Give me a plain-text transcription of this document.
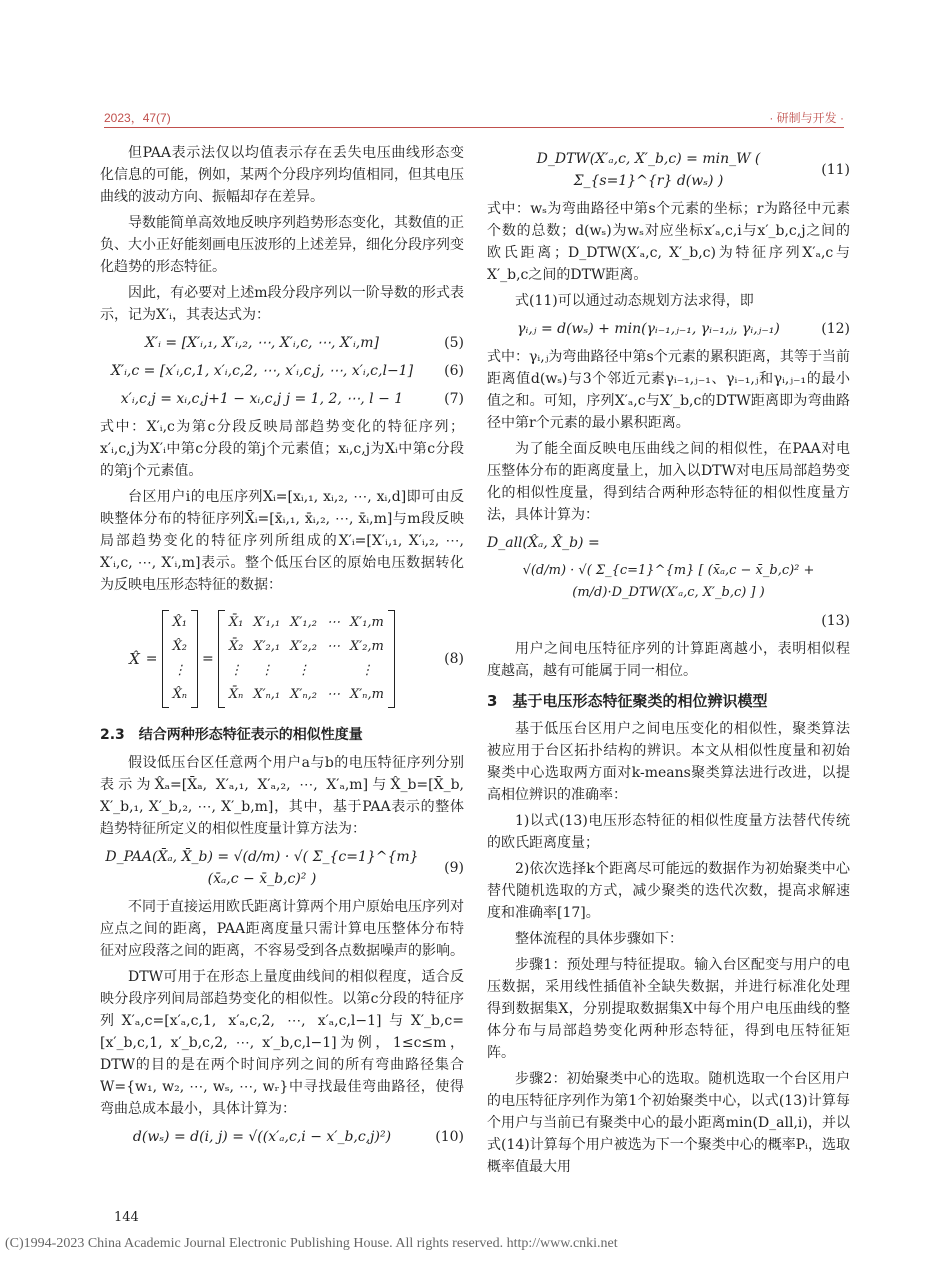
2023，47(7)	· 研制与开发 ·

但PAA表示法仅以均值表示存在丢失电压曲线形态变化信息的可能，例如，某两个分段序列均值相同，但其电压曲线的波动方向、振幅却存在差异。

导数能简单高效地反映序列趋势形态变化，其数值的正负、大小正好能刻画电压波形的上述差异，细化分段序列变化趋势的形态特征。

因此，有必要对上述m段分段序列以一阶导数的形式表示，记为X′ᵢ，其表达式为：

X′ᵢ = [X′ᵢ,₁, X′ᵢ,₂, ⋯, X′ᵢ,c, ⋯, X′ᵢ,m]	(5)
X′ᵢ,c = [x′ᵢ,c,1, x′ᵢ,c,2, ⋯, x′ᵢ,c,j, ⋯, x′ᵢ,c,l−1]	(6)
x′ᵢ,c,j = xᵢ,c,j+1 − xᵢ,c,j j = 1, 2, ⋯, l − 1	(7)

式中：X′ᵢ,c为第c分段反映局部趋势变化的特征序列；x′ᵢ,c,j为X′ᵢ中第c分段的第j个元素值；xᵢ,c,j为Xᵢ中第c分段的第j个元素值。

台区用户i的电压序列Xᵢ=[xᵢ,₁, xᵢ,₂, ⋯, xᵢ,d]即可由反映整体分布的特征序列X̄ᵢ=[x̄ᵢ,₁, x̄ᵢ,₂, ⋯, x̄ᵢ,m]与m段反映局部趋势变化的特征序列所组成的X′ᵢ=[X′ᵢ,₁, X′ᵢ,₂, ⋯, X′ᵢ,c, ⋯, X′ᵢ,m]表示。整个低压台区的原始电压数据转化为反映电压形态特征的数据：

X̂ =
X̂₁
X̂₂
⋮
X̂ₙ
=
X̄₁ X′₁,₁ X′₁,₂ ⋯ X′₁,m
X̄₂ X′₂,₁ X′₂,₂ ⋯ X′₂,m
⋮	⋮	⋮	⋮
X̄ₙ X′ₙ,₁ X′ₙ,₂ ⋯ X′ₙ,m
(8)
2.3　结合两种形态特征表示的相似性度量

假设低压台区任意两个用户a与b的电压特征序列分别表示为X̂ₐ=[X̄ₐ, X′ₐ,₁, X′ₐ,₂, ⋯, X′ₐ,m]与X̂_b=[X̄_b, X′_b,₁, X′_b,₂, ⋯, X′_b,m]，其中，基于PAA表示的整体趋势特征所定义的相似性度量计算方法为：

D_PAA(X̄ₐ, X̄_b) = √(d/m) · √( Σ_{c=1}^{m} (x̄ₐ,c − x̄_b,c)² )
(9)

不同于直接运用欧氏距离计算两个用户原始电压序列对应点之间的距离，PAA距离度量只需计算电压整体分布特征对应段落之间的距离，不容易受到各点数据噪声的影响。

DTW可用于在形态上量度曲线间的相似程度，适合反映分段序列间局部趋势变化的相似性。以第c分段的特征序列X′ₐ,c=[x′ₐ,c,1, x′ₐ,c,2, ⋯, x′ₐ,c,l−1]与X′_b,c=[x′_b,c,1, x′_b,c,2, ⋯, x′_b,c,l−1]为例，1≤c≤m，DTW的目的是在两个时间序列之间的所有弯曲路径集合W={w₁, w₂, ⋯, wₛ, ⋯, wᵣ}中寻找最佳弯曲路径，使得弯曲总成本最小，具体计算为：

d(wₛ) = d(i, j) = √((x′ₐ,c,i − x′_b,c,j)²)	(10)
D_DTW(X′ₐ,c, X′_b,c) = min_W ( Σ_{s=1}^{r} d(wₛ) )
(11)

式中：wₛ为弯曲路径中第s个元素的坐标；r为路径中元素个数的总数；d(wₛ)为wₛ对应坐标x′ₐ,c,i与x′_b,c,j之间的欧氏距离；D_DTW(X′ₐ,c, X′_b,c)为特征序列X′ₐ,c与X′_b,c之间的DTW距离。

式(11)可以通过动态规划方法求得，即

γᵢ,ⱼ = d(wₛ) + min(γᵢ₋₁,ⱼ₋₁, γᵢ₋₁,ⱼ, γᵢ,ⱼ₋₁)	(12)

式中：γᵢ,ⱼ为弯曲路径中第s个元素的累积距离，其等于当前距离值d(wₛ)与3个邻近元素γᵢ₋₁,ⱼ₋₁、γᵢ₋₁,ⱼ和γᵢ,ⱼ₋₁的最小值之和。可知，序列X′ₐ,c与X′_b,c的DTW距离即为弯曲路径中第r个元素的最小累积距离。

为了能全面反映电压曲线之间的相似性，在PAA对电压整体分布的距离度量上，加入以DTW对电压局部趋势变化的相似性度量，得到结合两种形态特征的相似性度量方法，具体计算为：

D_all(X̂ₐ, X̂_b) =
√(d/m) · √( Σ_{c=1}^{m} [ (x̄ₐ,c − x̄_b,c)² + (m/d)·D_DTW(X′ₐ,c, X′_b,c) ] )
(13)

用户之间电压特征序列的计算距离越小，表明相似程度越高，越有可能属于同一相位。

3　基于电压形态特征聚类的相位辨识模型

基于低压台区用户之间电压变化的相似性，聚类算法被应用于台区拓扑结构的辨识。本文从相似性度量和初始聚类中心选取两方面对k-means聚类算法进行改进，以提高相位辨识的准确率：

1)以式(13)电压形态特征的相似性度量方法替代传统的欧氏距离度量；

2)依次选择k个距离尽可能远的数据作为初始聚类中心替代随机选取的方式，减少聚类的迭代次数，提高求解速度和准确率[17]。

整体流程的具体步骤如下：

步骤1：预处理与特征提取。输入台区配变与用户的电压数据，采用线性插值补全缺失数据，并进行标准化处理得到数据集X，分别提取数据集X中每个用户电压曲线的整体分布与局部趋势变化两种形态特征，得到电压特征矩阵。

步骤2：初始聚类中心的选取。随机选取一个台区用户的电压特征序列作为第1个初始聚类中心，以式(13)计算每个用户与当前已有聚类中心的最小距离min(D_all,i)，并以式(14)计算每个用户被选为下一个聚类中心的概率Pᵢ，选取概率值最大用

144
(C)1994-2023 China Academic Journal Electronic Publishing House. All rights reserved. http://www.cnki.net
